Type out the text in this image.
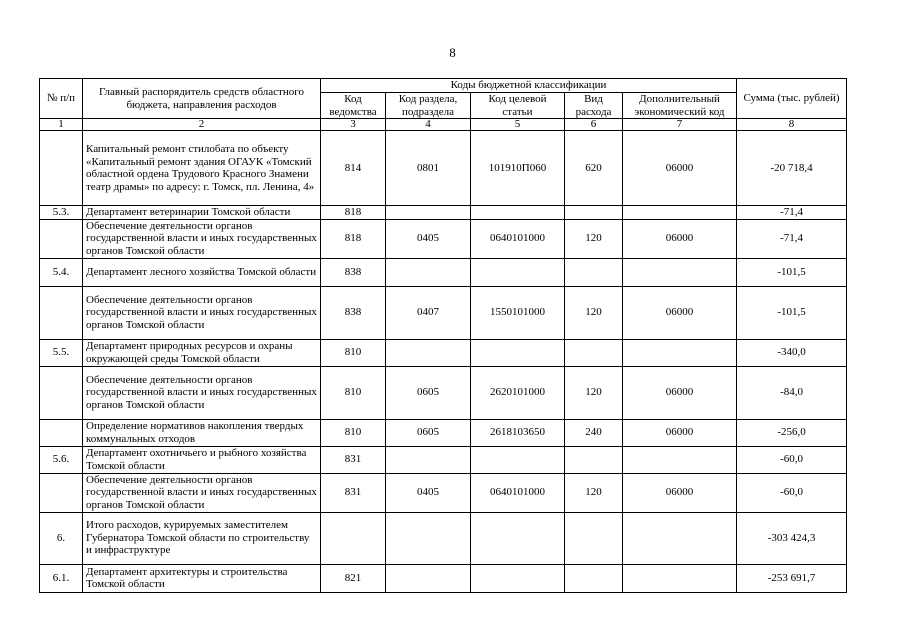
8
№ п/п	Главный распорядитель средств областного бюджета, направления расходов	Коды бюджетной классификации					Сумма (тыс. рублей)
		Код ведомства	Код раздела, подраздела	Код целевой статьи	Вид расхода	Дополнительный экономический код	
1	2	3	4	5	6	7	8
	Капитальный ремонт стилобата по объекту «Капитальный ремонт здания ОГАУК «Томский областной ордена Трудового Красного Знамени театр драмы» по адресу: г. Томск, пл. Ленина, 4»	814	0801	101910П060	620	06000	-20 718,4
5.3.	Департамент ветеринарии Томской области	818					-71,4
	Обеспечение деятельности органов государственной власти и иных государственных органов Томской области	818	0405	0640101000	120	06000	-71,4
5.4.	Департамент лесного хозяйства Томской области	838					-101,5
	Обеспечение деятельности органов государственной власти и иных государственных органов Томской области	838	0407	1550101000	120	06000	-101,5
5.5.	Департамент природных ресурсов и охраны окружающей среды Томской области	810					-340,0
	Обеспечение деятельности органов государственной власти и иных государственных органов Томской области	810	0605	2620101000	120	06000	-84,0
	Определение нормативов накопления твердых коммунальных отходов	810	0605	2618103650	240	06000	-256,0
5.6.	Департамент охотничьего и рыбного хозяйства Томской области	831					-60,0
	Обеспечение деятельности органов государственной власти и иных государственных органов Томской области	831	0405	0640101000	120	06000	-60,0
6.	Итого расходов, курируемых заместителем Губернатора Томской области по строительству и инфраструктуре						-303 424,3
6.1.	Департамент архитектуры и строительства Томской области	821					-253 691,7
